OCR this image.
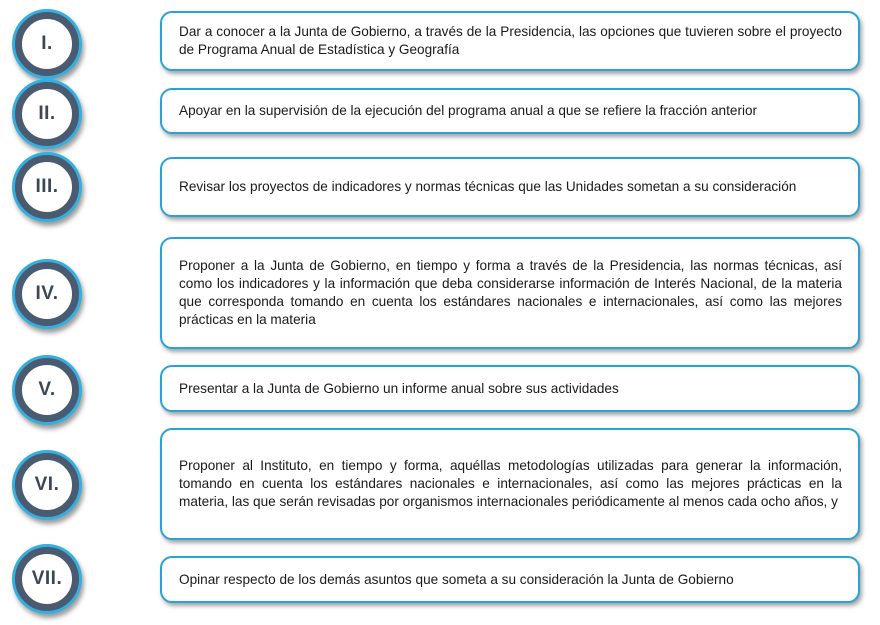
I.
Dar a conocer a la Junta de Gobierno, a través de la Presidencia, las opciones que tuvieren sobre el proyecto de Programa Anual de Estadística y Geografía
II.	Apoyar en la supervisión de la ejecución del programa anual a que se refiere la fracción anterior
III.	Revisar los proyectos de indicadores y normas técnicas que las Unidades sometan a su consideración
IV.
Proponer a la Junta de Gobierno, en tiempo y forma a través de la Presidencia, las normas técnicas, así como los indicadores y la información que deba considerarse información de Interés Nacional, de la materia que corresponda tomando en cuenta los estándares nacionales e internacionales, así como las mejores prácticas en la materia
V.	Presentar a la Junta de Gobierno un informe anual sobre sus actividades
VI.
Proponer al Instituto, en tiempo y forma, aquéllas metodologías utilizadas para generar la información, tomando en cuenta los estándares nacionales e internacionales, así como las mejores prácticas en la materia, las que serán revisadas por organismos internacionales periódicamente al menos cada ocho años, y
VII.	Opinar respecto de los demás asuntos que someta a su consideración la Junta de Gobierno
